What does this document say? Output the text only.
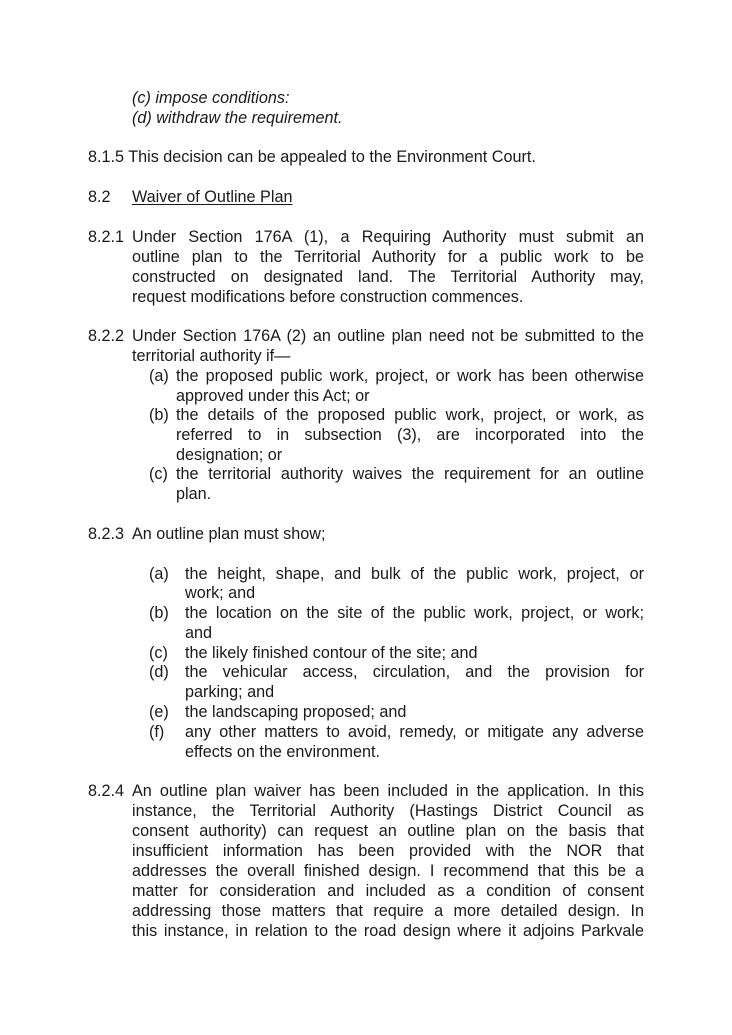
(c) impose conditions:
(d) withdraw the requirement.
8.1.5 This decision can be appealed to the Environment Court.
8.2 Waiver of Outline Plan
8.2.1 Under Section 176A (1), a Requiring Authority must submit an
outline plan to the Territorial Authority for a public work to be
constructed on designated land. The Territorial Authority may,
request modifications before construction commences.
8.2.2 Under Section 176A (2) an outline plan need not be submitted to the
territorial authority if—
(a) the proposed public work, project, or work has been otherwise
approved under this Act; or
(b) the details of the proposed public work, project, or work, as
referred to in subsection (3), are incorporated into the
designation; or
(c) the territorial authority waives the requirement for an outline
plan.
8.2.3 An outline plan must show;
(a) the height, shape, and bulk of the public work, project, or
work; and
(b) the location on the site of the public work, project, or work;
and
(c) the likely finished contour of the site; and
(d) the vehicular access, circulation, and the provision for
parking; and
(e) the landscaping proposed; and
(f) any other matters to avoid, remedy, or mitigate any adverse
effects on the environment.
8.2.4 An outline plan waiver has been included in the application. In this
instance, the Territorial Authority (Hastings District Council as
consent authority) can request an outline plan on the basis that
insufficient information has been provided with the NOR that
addresses the overall finished design. I recommend that this be a
matter for consideration and included as a condition of consent
addressing those matters that require a more detailed design. In
this instance, in relation to the road design where it adjoins Parkvale
